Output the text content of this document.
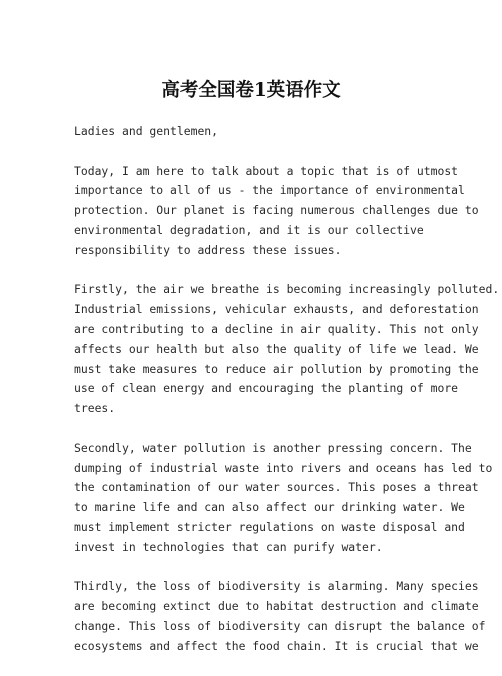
高考全国卷1英语作文

Ladies and gentlemen,

Today, I am here to talk about a topic that is of utmost
importance to all of us - the importance of environmental
protection. Our planet is facing numerous challenges due to
environmental degradation, and it is our collective
responsibility to address these issues.

Firstly, the air we breathe is becoming increasingly polluted.
Industrial emissions, vehicular exhausts, and deforestation
are contributing to a decline in air quality. This not only
affects our health but also the quality of life we lead. We
must take measures to reduce air pollution by promoting the
use of clean energy and encouraging the planting of more
trees.

Secondly, water pollution is another pressing concern. The
dumping of industrial waste into rivers and oceans has led to
the contamination of our water sources. This poses a threat
to marine life and can also affect our drinking water. We
must implement stricter regulations on waste disposal and
invest in technologies that can purify water.

Thirdly, the loss of biodiversity is alarming. Many species
are becoming extinct due to habitat destruction and climate
change. This loss of biodiversity can disrupt the balance of
ecosystems and affect the food chain. It is crucial that we
